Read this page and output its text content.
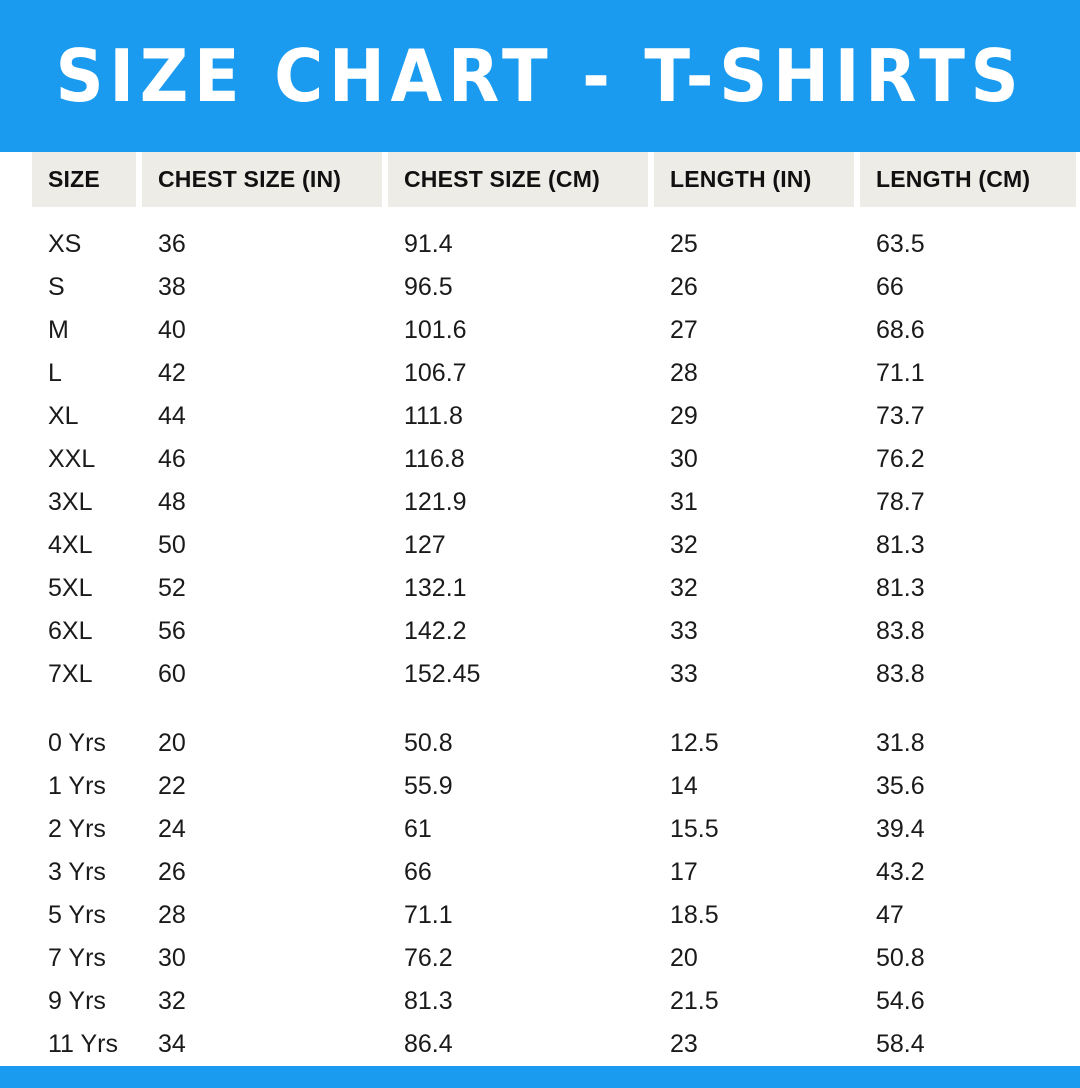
SIZE CHART - T-SHIRTS
SIZE	CHEST SIZE (IN)	CHEST SIZE (CM)	LENGTH (IN)	LENGTH (CM)

XS	36	91.4	25	63.5
S	38	96.5	26	66
M	40	101.6	27	68.6
L	42	106.7	28	71.1
XL	44	111.8	29	73.7
XXL	46	116.8	30	76.2
3XL	48	121.9	31	78.7
4XL	50	127	32	81.3
5XL	52	132.1	32	81.3
6XL	56	142.2	33	83.8
7XL	60	152.45	33	83.8

0 Yrs	20	50.8	12.5	31.8
1 Yrs	22	55.9	14	35.6
2 Yrs	24	61	15.5	39.4
3 Yrs	26	66	17	43.2
5 Yrs	28	71.1	18.5	47
7 Yrs	30	76.2	20	50.8
9 Yrs	32	81.3	21.5	54.6
11 Yrs	34	86.4	23	58.4
